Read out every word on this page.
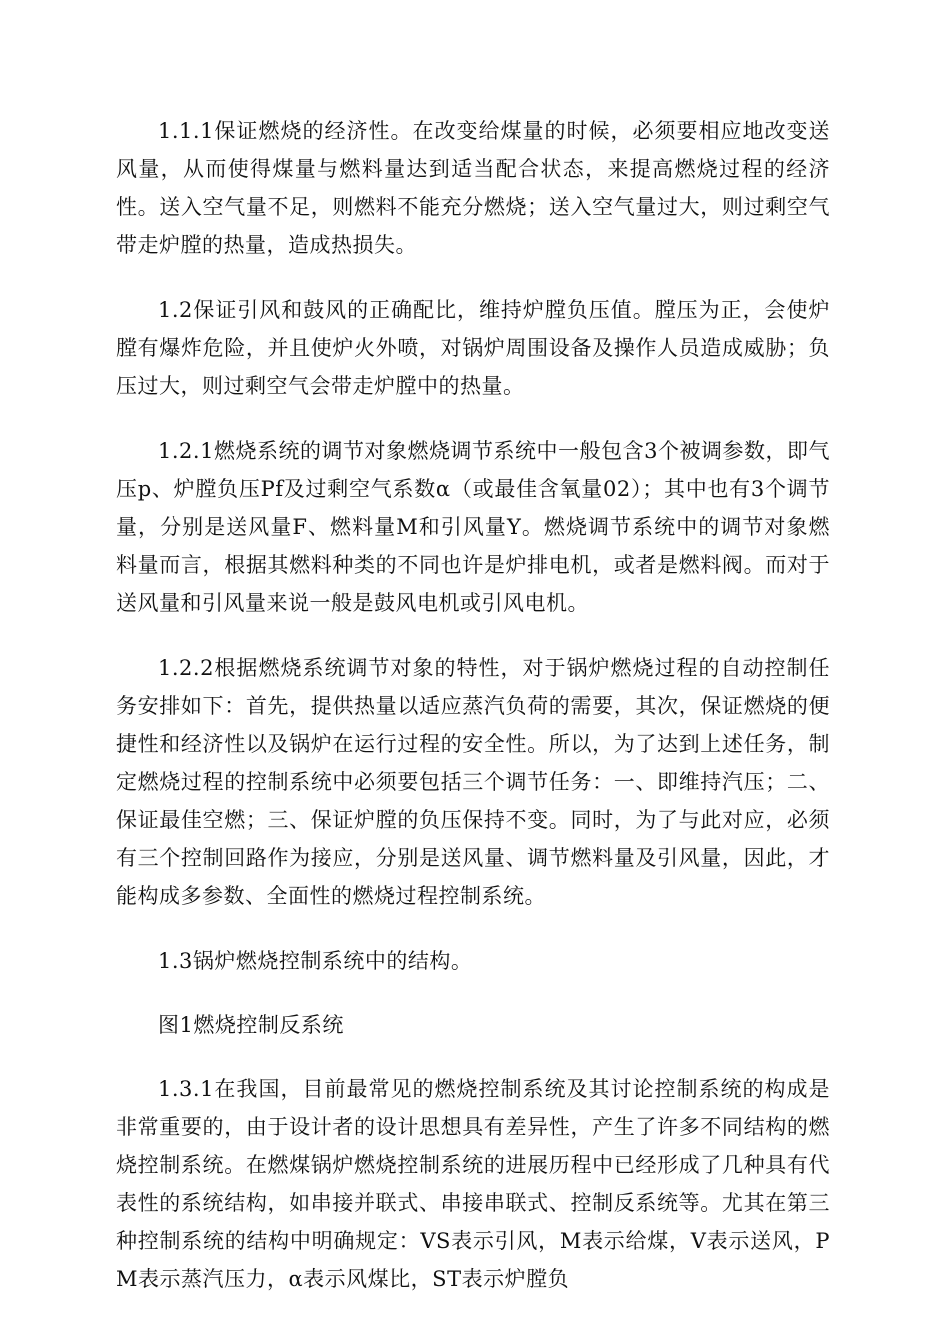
1.1.1保证燃烧的经济性。在改变给煤量的时候，必须要相应地改变送风量，从而使得煤量与燃料量达到适当配合状态，来提高燃烧过程的经济性。送入空气量不足，则燃料不能充分燃烧；送入空气量过大，则过剩空气带走炉膛的热量，造成热损失。

1.2保证引风和鼓风的正确配比，维持炉膛负压值。膛压为正，会使炉膛有爆炸危险，并且使炉火外喷，对锅炉周围设备及操作人员造成威胁；负压过大，则过剩空气会带走炉膛中的热量。

1.2.1燃烧系统的调节对象燃烧调节系统中一般包含3个被调参数，即气压p、炉膛负压Pf及过剩空气系数α（或最佳含氧量02）；其中也有3个调节量，分别是送风量F、燃料量M和引风量Y。燃烧调节系统中的调节对象燃料量而言，根据其燃料种类的不同也许是炉排电机，或者是燃料阀。而对于送风量和引风量来说一般是鼓风电机或引风电机。

1.2.2根据燃烧系统调节对象的特性，对于锅炉燃烧过程的自动控制任务安排如下：首先，提供热量以适应蒸汽负荷的需要，其次，保证燃烧的便捷性和经济性以及锅炉在运行过程的安全性。所以，为了达到上述任务，制定燃烧过程的控制系统中必须要包括三个调节任务：一、即维持汽压；二、保证最佳空燃；三、保证炉膛的负压保持不变。同时，为了与此对应，必须有三个控制回路作为接应，分别是送风量、调节燃料量及引风量，因此，才能构成多参数、全面性的燃烧过程控制系统。

1.3锅炉燃烧控制系统中的结构。

图1燃烧控制反系统

1.3.1在我国，目前最常见的燃烧控制系统及其讨论控制系统的构成是非常重要的，由于设计者的设计思想具有差异性，产生了许多不同结构的燃烧控制系统。在燃煤锅炉燃烧控制系统的进展历程中已经形成了几种具有代表性的系统结构，如串接并联式、串接串联式、控制反系统等。尤其在第三种控制系统的结构中明确规定：VS表示引风，M表示给煤，V表示送风，PM表示蒸汽压力，α表示风煤比，ST表示炉膛负
